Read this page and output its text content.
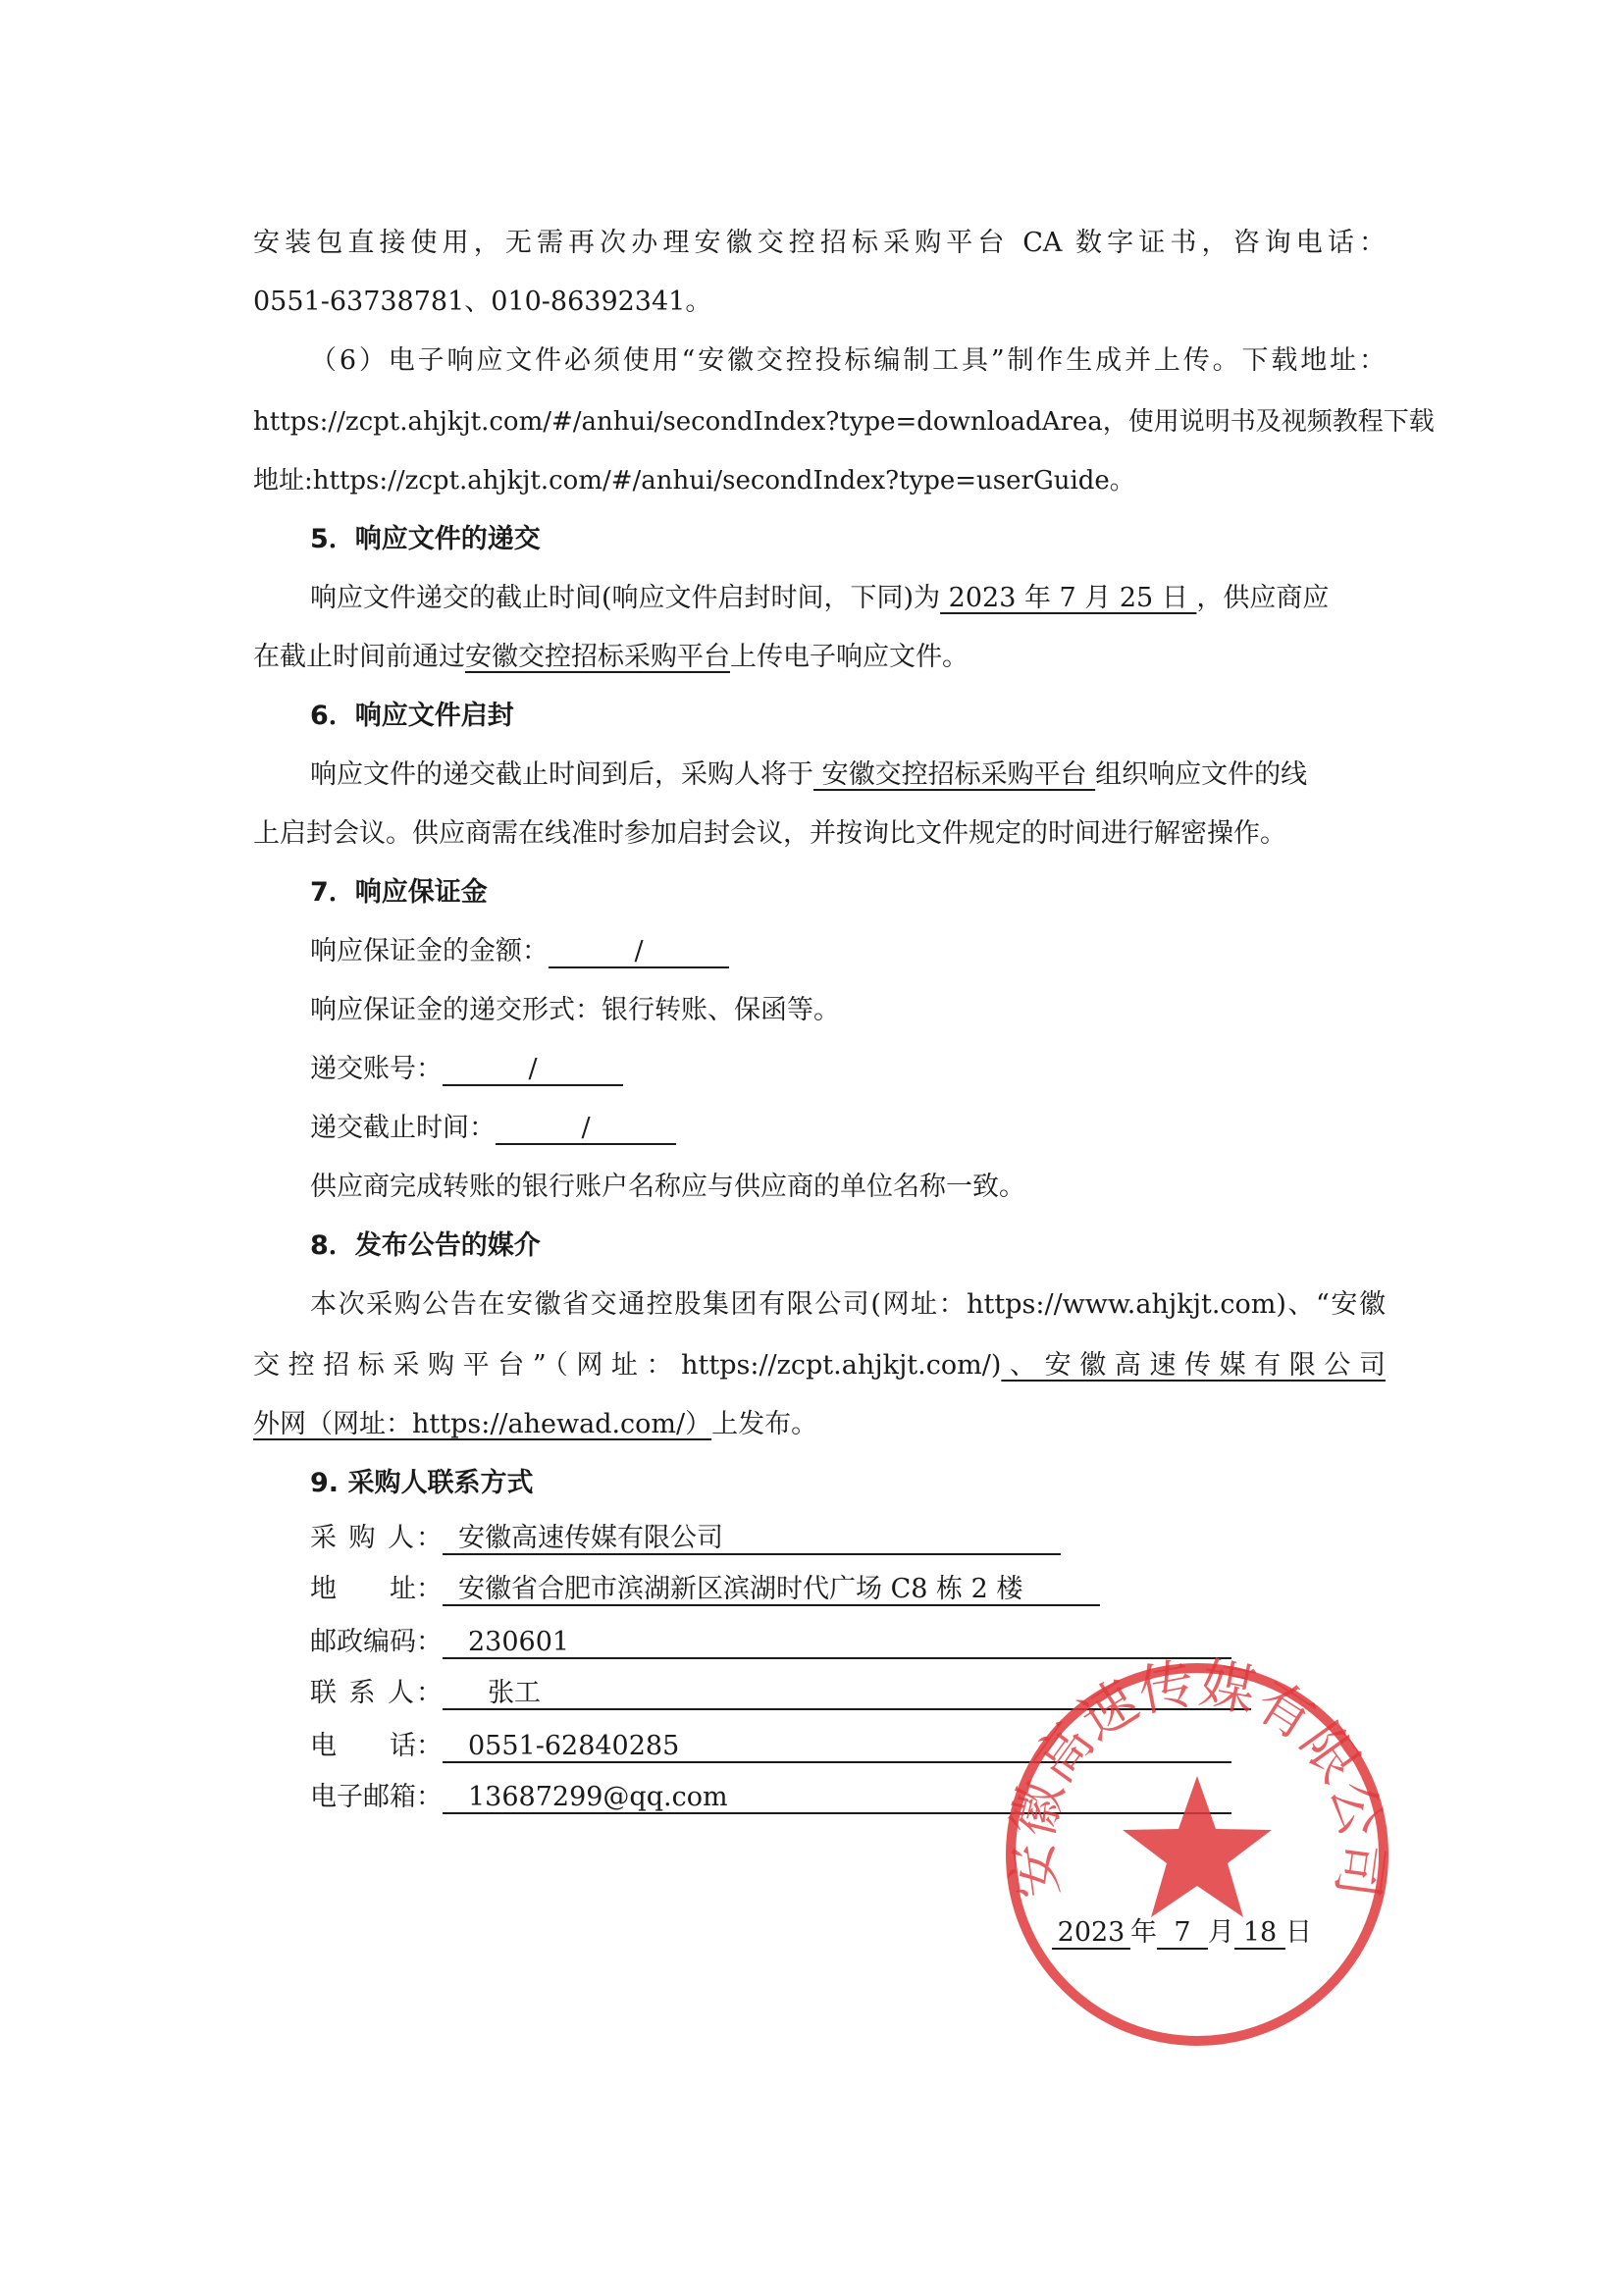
安装包直接使用，无需再次办理安徽交控招标采购平台 CA 数字证书，咨询电话：
0551-63738781、010-86392341。
（6）电子响应文件必须使用“安徽交控投标编制工具”制作生成并上传。下载地址：
https://zcpt.ahjkjt.com/#/anhui/secondIndex?type=downloadArea，使用说明书及视频教程下载
地址:https://zcpt.ahjkjt.com/#/anhui/secondIndex?type=userGuide。
5．响应文件的递交
响应文件递交的截止时间(响应文件启封时间，下同)为 2023 年 7 月 25 日 ，供应商应
在截止时间前通过安徽交控招标采购平台上传电子响应文件。
6．响应文件启封
响应文件的递交截止时间到后，采购人将于 安徽交控招标采购平台 组织响应文件的线
上启封会议。供应商需在线准时参加启封会议，并按询比文件规定的时间进行解密操作。
7．响应保证金
响应保证金的金额：	/
响应保证金的递交形式：银行转账、保函等。
递交账号：	/
递交截止时间：	/
供应商完成转账的银行账户名称应与供应商的单位名称一致。
8．发布公告的媒介
本次采购公告在安徽省交通控股集团有限公司(网址：https://www.ahjkjt.com)、“安徽
交控招标采购平台”（网址：https://zcpt.ahjkjt.com/)、安徽高速传媒有限公司
外网（网址：https://ahewad.com/）上发布。
9. 采购人联系方式
采 购 人： 安徽高速传媒有限公司
地　　址： 安徽省合肥市滨湖新区滨湖时代广场 C8 栋 2 楼
邮政编码： 230601
联 系 人： 张工
电　　话： 0551-62840285
电子邮箱： 13687299@qq.com
2023 年 7 月 18 日
安徽高速传媒有限公司
